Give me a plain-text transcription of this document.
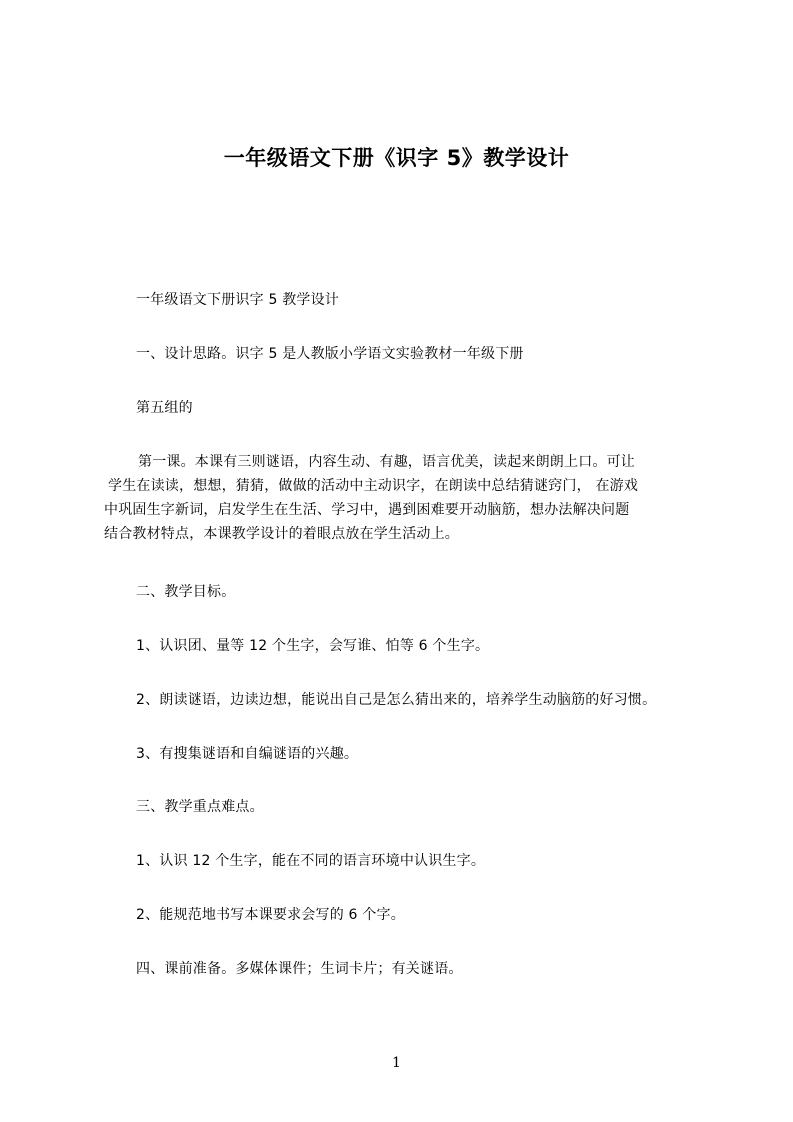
一年级语文下册《识字 5》教学设计
一年级语文下册识字 5 教学设计
一、设计思路。识字 5 是人教版小学语文实验教材一年级下册
第五组的
第一课。本课有三则谜语，内容生动、有趣，语言优美，读起来朗朗上口。可让
学生在读读，想想，猜猜，做做的活动中主动识字，在朗读中总结猜谜窍门， 在游戏
中巩固生字新词，启发学生在生活、学习中，遇到困难要开动脑筋，想办法解决问题
结合教材特点，本课教学设计的着眼点放在学生活动上。
二、教学目标。
1、认识团、量等 12 个生字，会写谁、怕等 6 个生字。
2、朗读谜语，边读边想，能说出自己是怎么猜出来的，培养学生动脑筋的好习惯。
3、有搜集谜语和自编谜语的兴趣。
三、教学重点难点。
1、认识 12 个生字，能在不同的语言环境中认识生字。
2、能规范地书写本课要求会写的 6 个字。
四、课前准备。多媒体课件；生词卡片；有关谜语。
1
